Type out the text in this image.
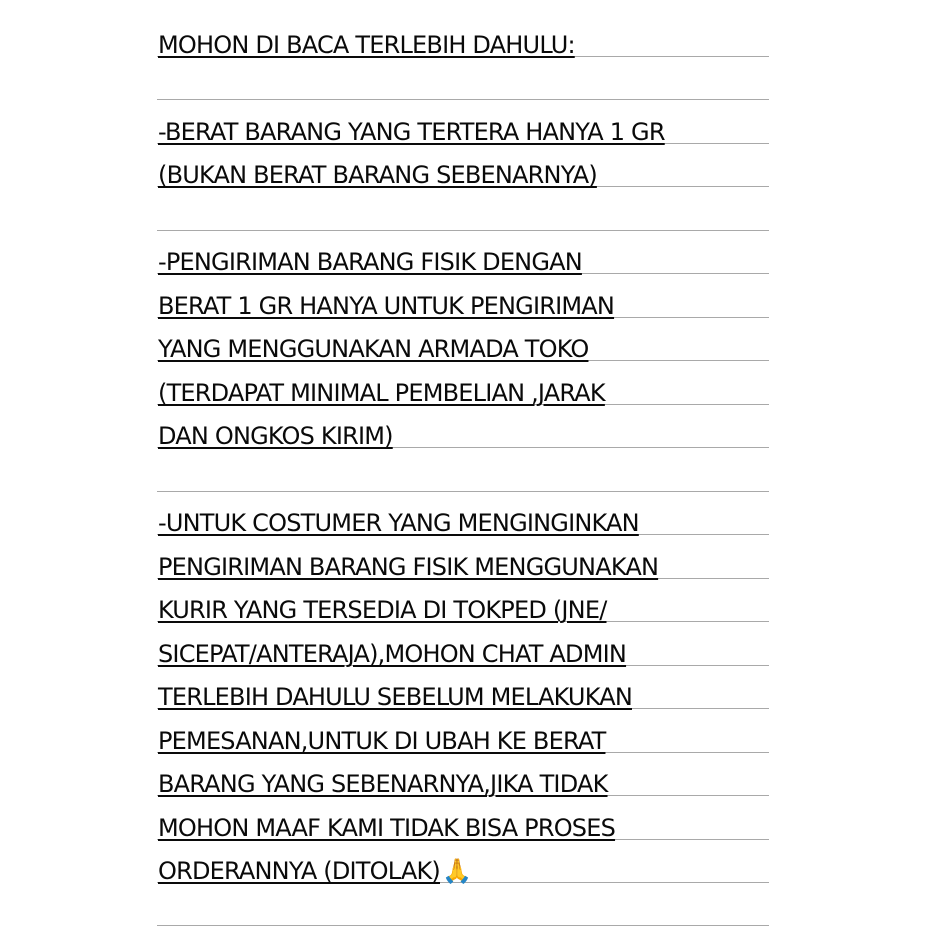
MOHON DI BACA TERLEBIH DAHULU:
-BERAT BARANG YANG TERTERA HANYA 1 GR
(BUKAN BERAT BARANG SEBENARNYA)
-PENGIRIMAN BARANG FISIK DENGAN
BERAT 1 GR HANYA UNTUK PENGIRIMAN
YANG MENGGUNAKAN ARMADA TOKO
(TERDAPAT MINIMAL PEMBELIAN ,JARAK
DAN ONGKOS KIRIM)
-UNTUK COSTUMER YANG MENGINGINKAN
PENGIRIMAN BARANG FISIK MENGGUNAKAN
KURIR YANG TERSEDIA DI TOKPED (JNE/
SICEPAT/ANTERAJA),MOHON CHAT ADMIN
TERLEBIH DAHULU SEBELUM MELAKUKAN
PEMESANAN,UNTUK DI UBAH KE BERAT
BARANG YANG SEBENARNYA,JIKA TIDAK
MOHON MAAF KAMI TIDAK BISA PROSES
ORDERANNYA (DITOLAK)🙏
